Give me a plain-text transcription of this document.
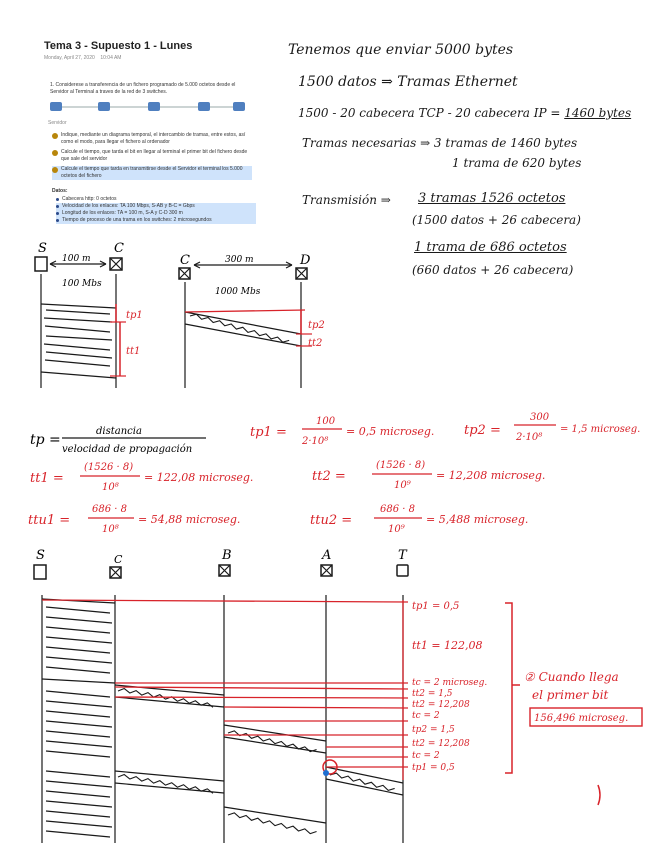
Tema 3 - Supuesto 1 - Lunes
Monday, April 27, 2020 10:04 AM
1. Considerese a transferencia de un fichero programado de 5.000 octetos desde el Servidor al Terminal a traves de la red de 3 switches.
Servidor
Indique, mediante un diagrama temporal, el intercambio de tramas, entre estos, así como el modo, para llegar el fichero al ordenador
Calcule el tiempo, que tarda el bit en llegar al terminal el primer bit del fichero desde que sale del servidor
Calcule el tiempo que tarda en transmitirse desde el Servidor el terminal los 5.000 octetos del fichero
Datos:
Cabecera http: 0 octetos
Velocidad de los enlaces: TA 100 Mbps, S-AB y B-C = Gbps
Longitud de los enlaces: TA = 100 m, S-A y C-D 300 m
Tiempo de proceso de una trama en los switches: 2 microsegundos
Tenemos que enviar 5000 bytes
1500 datos ⇒ Tramas Ethernet
1500 - 20 cabecera TCP - 20 cabecera IP = 1460 bytes
Tramas necesarias ⇒ 3 tramas de 1460 bytes
1 trama de 620 bytes
Transmisión ⇒ 3 tramas 1526 octetos
(1500 datos + 26 cabecera)
1 trama de 686 octetos
(660 datos + 26 cabecera)
S	C
100 m
100 Mbs
tp1
tt1
C	D
300 m
1000 Mbs
tp2
tt2
tp =
distancia
velocidad de propagación
tp1 =
100
2·10⁸
= 0,5 microseg. tp2 =
300
2·10⁸
= 1,5 microseg.
tt1 =
(1526 · 8)
10⁸
= 122,08 microseg.	tt2 =
(1526 · 8)
10⁹
= 12,208 microseg.
ttu1 =
686 · 8
10⁸
= 54,88 microseg.	ttu2 =
686 · 8
10⁹
= 5,488 microseg.
S	C	B	A	T
tp1 = 0,5
tt1 = 122,08
tc = 2 microseg.
tt2 = 1,5
tt2 = 12,208
tc = 2
tp2 = 1,5
tt2 = 12,208
tc = 2
tp1 = 0,5
② Cuando llega
el primer bit
156,496 microseg.
